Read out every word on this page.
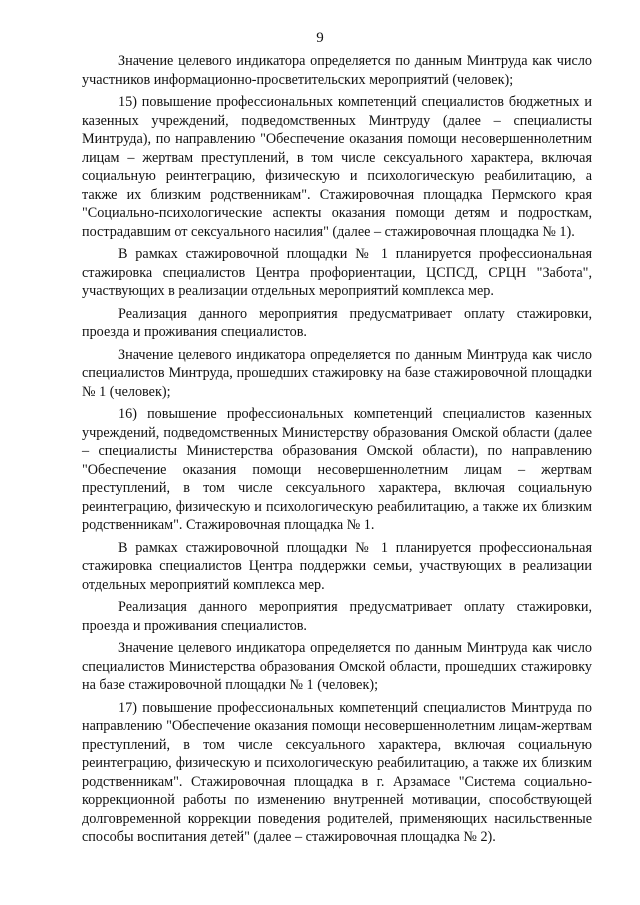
9

Значение целевого индикатора определяется по данным Минтруда как число участников информационно-просветительских мероприятий (человек);

15) повышение профессиональных компетенций специалистов бюджетных и казенных учреждений, подведомственных Минтруду (далее – специалисты Минтруда), по направлению "Обеспечение оказания помощи несовершеннолетним лицам – жертвам преступлений, в том числе сексуального характера, включая социальную реинтеграцию, физическую и психологическую реабилитацию, а также их близким родственникам". Стажировочная площадка Пермского края "Социально-психологические аспекты оказания помощи детям и подросткам, пострадавшим от сексуального насилия" (далее – стажировочная площадка № 1).

В рамках стажировочной площадки № 1 планируется профессиональная стажировка специалистов Центра профориентации, ЦСПСД, СРЦН "Забота", участвующих в реализации отдельных мероприятий комплекса мер.

Реализация данного мероприятия предусматривает оплату стажировки, проезда и проживания специалистов.

Значение целевого индикатора определяется по данным Минтруда как число специалистов Минтруда, прошедших стажировку на базе стажировочной площадки № 1 (человек);

16) повышение профессиональных компетенций специалистов казенных учреждений, подведомственных Министерству образования Омской области (далее – специалисты Министерства образования Омской области), по направлению "Обеспечение оказания помощи несовершеннолетним лицам – жертвам преступлений, в том числе сексуального характера, включая социальную реинтеграцию, физическую и психологическую реабилитацию, а также их близким родственникам". Стажировочная площадка № 1.

В рамках стажировочной площадки № 1 планируется профессиональная стажировка специалистов Центра поддержки семьи, участвующих в реализации отдельных мероприятий комплекса мер.

Реализация данного мероприятия предусматривает оплату стажировки, проезда и проживания специалистов.

Значение целевого индикатора определяется по данным Минтруда как число специалистов Министерства образования Омской области, прошедших стажировку на базе стажировочной площадки № 1 (человек);

17) повышение профессиональных компетенций специалистов Минтруда по направлению "Обеспечение оказания помощи несовершеннолетним лицам-жертвам преступлений, в том числе сексуального характера, включая социальную реинтеграцию, физическую и психологическую реабилитацию, а также их близким родственникам". Стажировочная площадка в г. Арзамасе "Система социально-коррекционной работы по изменению внутренней мотивации, способствующей долговременной коррекции поведения родителей, применяющих насильственные способы воспитания детей" (далее – стажировочная площадка № 2).
